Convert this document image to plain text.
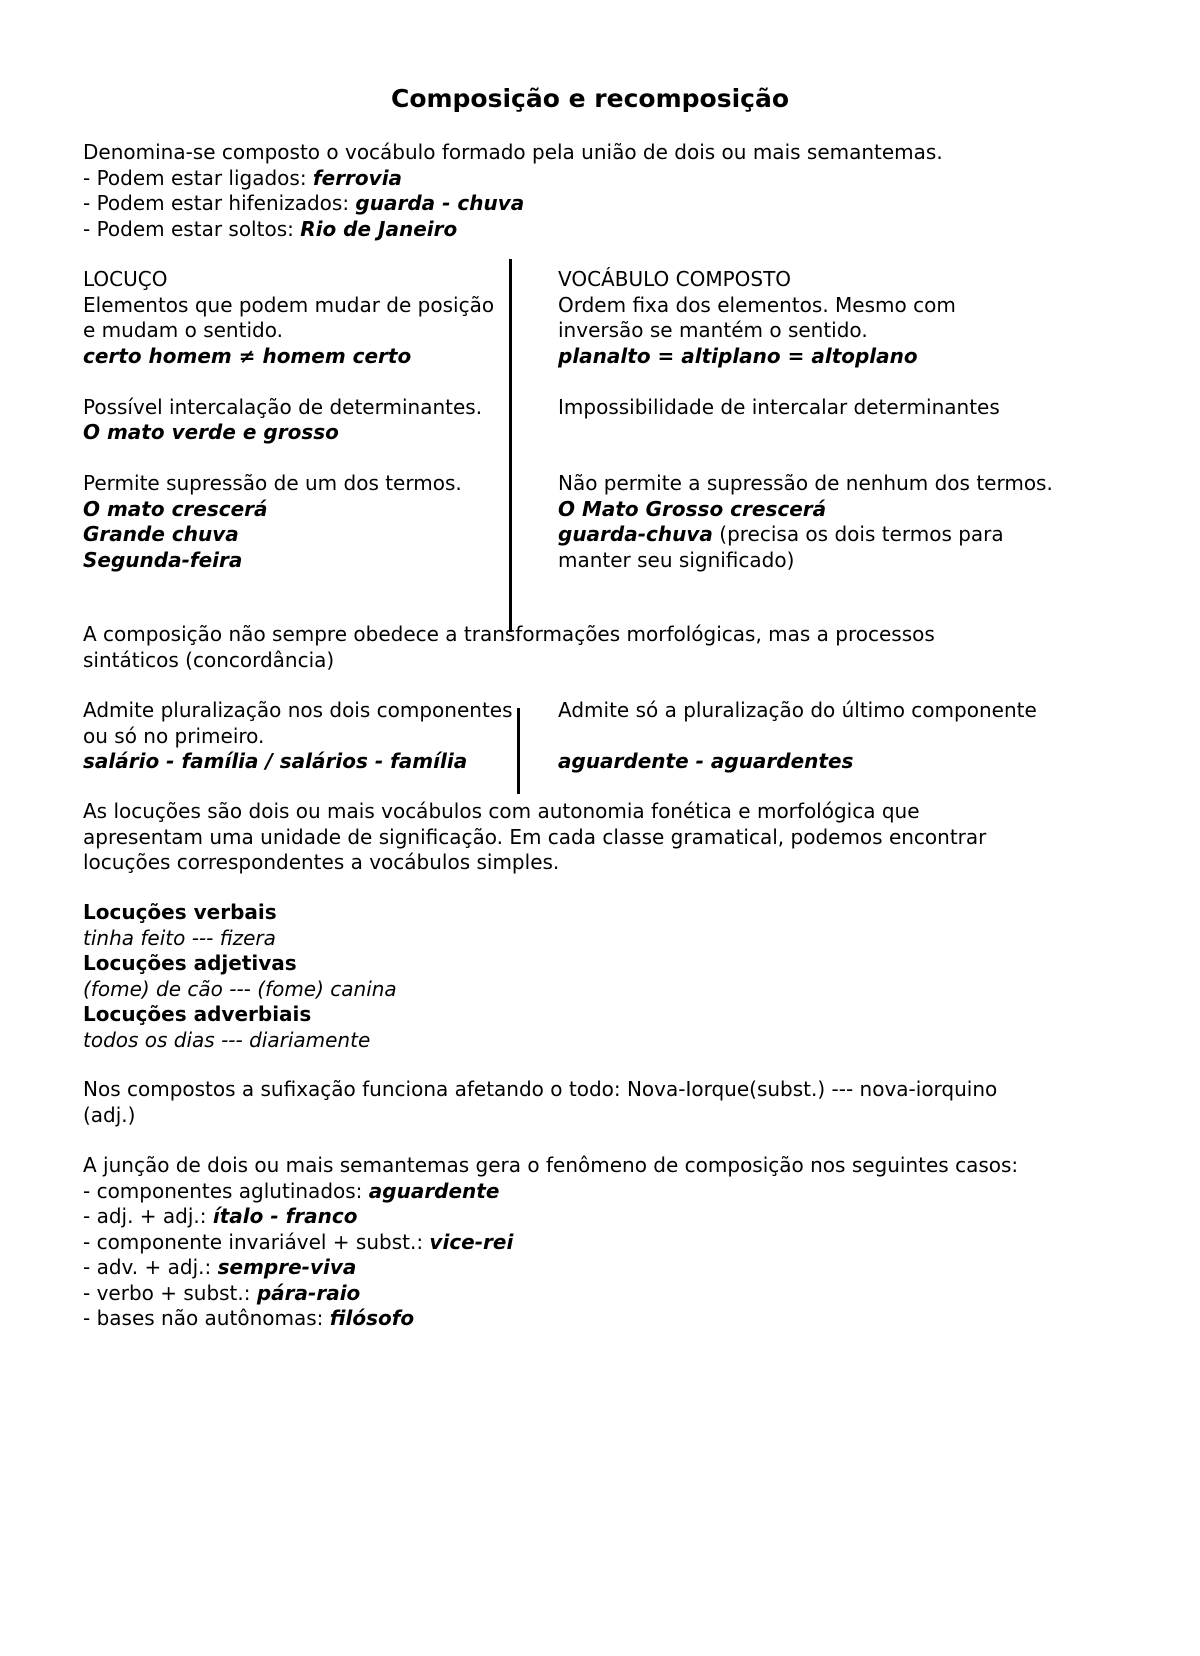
Composição e recomposição
Denomina-se composto o vocábulo formado pela união de dois ou mais semantemas.
- Podem estar ligados: ferrovia
- Podem estar hifenizados: guarda - chuva
- Podem estar soltos: Rio de Janeiro
LOCUÇO
Elementos que podem mudar de posição
e mudam o sentido.
certo homem ≠ homem certo
Possível intercalação de determinantes.
O mato verde e grosso
Permite supressão de um dos termos.
O mato crescerá
Grande chuva
Segunda-feira
VOCÁBULO COMPOSTO
Ordem fixa dos elementos. Mesmo com
inversão se mantém o sentido.
planalto = altiplano = altoplano
Impossibilidade de intercalar determinantes
Não permite a supressão de nenhum dos termos.
O Mato Grosso crescerá
guarda-chuva (precisa os dois termos para
manter seu significado)
A composição não sempre obedece a transformações morfológicas, mas a processos
sintáticos (concordância)
Admite pluralização nos dois componentes
ou só no primeiro.
salário - família / salários - família
Admite só a pluralização do último componente
aguardente - aguardentes
As locuções são dois ou mais vocábulos com autonomia fonética e morfológica que
apresentam uma unidade de significação. Em cada classe gramatical, podemos encontrar
locuções correspondentes a vocábulos simples.
Locuções verbais
tinha feito --- fizera
Locuções adjetivas
(fome) de cão --- (fome) canina
Locuções adverbiais
todos os dias --- diariamente
Nos compostos a sufixação funciona afetando o todo: Nova-Iorque(subst.) --- nova-iorquino
(adj.)
A junção de dois ou mais semantemas gera o fenômeno de composição nos seguintes casos:
- componentes aglutinados: aguardente
- adj. + adj.: ítalo - franco
- componente invariável + subst.: vice-rei
- adv. + adj.: sempre-viva
- verbo + subst.: pára-raio
- bases não autônomas: filósofo
